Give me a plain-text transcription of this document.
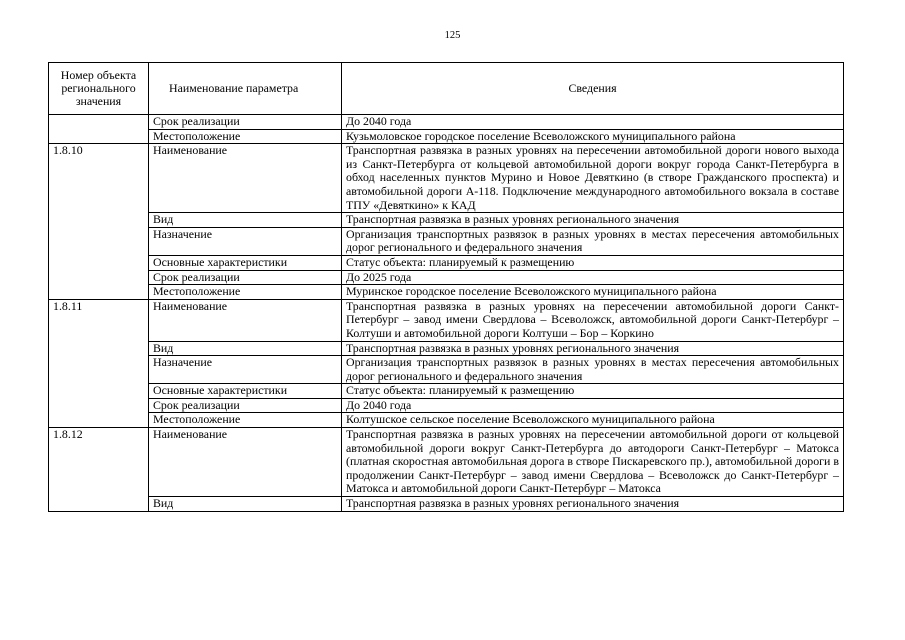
125
Номер объекта регионального значения	Наименование параметра	Сведения
	Срок реализации	До 2040 года
	Местоположение	Кузьмоловское городское поселение Всеволожского муниципального района
1.8.10	Наименование	Транспортная развязка в разных уровнях на пересечении автомобильной дороги нового выхода из Санкт-Петербурга от кольцевой автомобильной дороги вокруг города Санкт-Петербурга в обход населенных пунктов Мурино и Новое Девяткино (в створе Гражданского проспекта) и автомобильной дороги А-118. Подключение международного автомобильного вокзала в составе ТПУ «Девяткино» к КАД
	Вид	Транспортная развязка в разных уровнях регионального значения
	Назначение	Организация транспортных развязок в разных уровнях в местах пересечения автомобильных дорог регионального и федерального значения
	Основные характеристики	Статус объекта: планируемый к размещению
	Срок реализации	До 2025 года
	Местоположение	Муринское городское поселение Всеволожского муниципального района
1.8.11	Наименование	Транспортная развязка в разных уровнях на пересечении автомобильной дороги Санкт-Петербург – завод имени Свердлова – Всеволожск, автомобильной дороги Санкт-Петербург – Колтуши и автомобильной дороги Колтуши – Бор – Коркино
	Вид	Транспортная развязка в разных уровнях регионального значения
	Назначение	Организация транспортных развязок в разных уровнях в местах пересечения автомобильных дорог регионального и федерального значения
	Основные характеристики	Статус объекта: планируемый к размещению
	Срок реализации	До 2040 года
	Местоположение	Колтушское сельское поселение Всеволожского муниципального района
1.8.12	Наименование	Транспортная развязка в разных уровнях на пересечении автомобильной дороги от кольцевой автомобильной дороги вокруг Санкт-Петербурга до автодороги Санкт-Петербург – Матокса (платная скоростная автомобильная дорога в створе Пискаревского пр.), автомобильной дороги в продолжении Санкт-Петербург – завод имени Свердлова – Всеволожск до Санкт-Петербург – Матокса и автомобильной дороги Санкт-Петербург – Матокса
	Вид	Транспортная развязка в разных уровнях регионального значения
